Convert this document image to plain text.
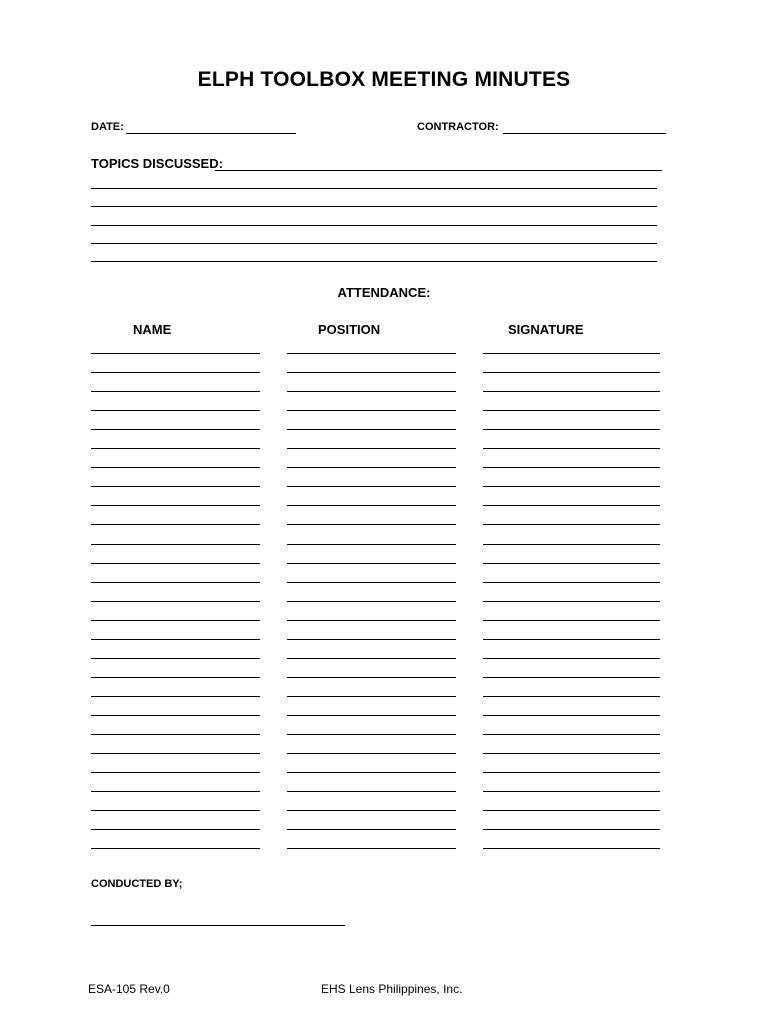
ELPH TOOLBOX MEETING MINUTES
DATE:	CONTRACTOR:
TOPICS DISCUSSED:
ATTENDANCE:
NAME	POSITION	SIGNATURE
CONDUCTED BY;
ESA-105 Rev.0	EHS Lens Philippines, Inc.
